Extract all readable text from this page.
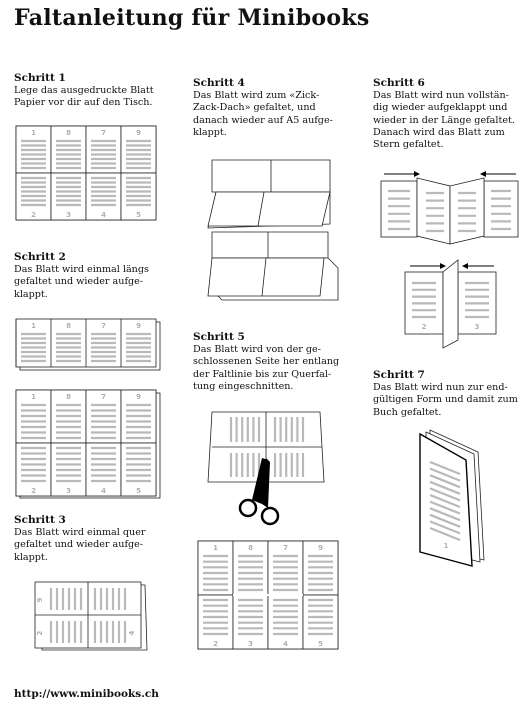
Faltanleitung für Minibooks
Schritt 1
Lege das ausgedruckte Blatt Papier vor dir auf den Tisch.
Schritt 2
Das Blatt wird einmal längs gefaltet und wieder aufge-klappt.
Schritt 3
Das Blatt wird einmal quer gefaltet und wieder aufge-klappt.
Schritt 4
Das Blatt wird zum «Zick-Zack-Dach» gefaltet, und danach wieder auf A5 aufge-klappt.
Schritt 5
Das Blatt wird von der ge-schlossenen Seite her entlang der Faltlinie bis zur Querfal-tung eingeschnitten.
Schritt 6
Das Blatt wird nun vollstän-dig wieder aufgeklappt und wieder in der Länge gefaltet. Danach wird das Blatt zum Stern gefaltet.
Schritt 7
Das Blatt wird nun zur end-gültigen Form und damit zum Buch gefaltet.
http://www.minibooks.ch
1	8	7	9
2	3	4	5
1	8	7	9
1	8	7	9
2	3	4	5
9
2	4
1	8	7	9
2	3	4	5
2	3
1
